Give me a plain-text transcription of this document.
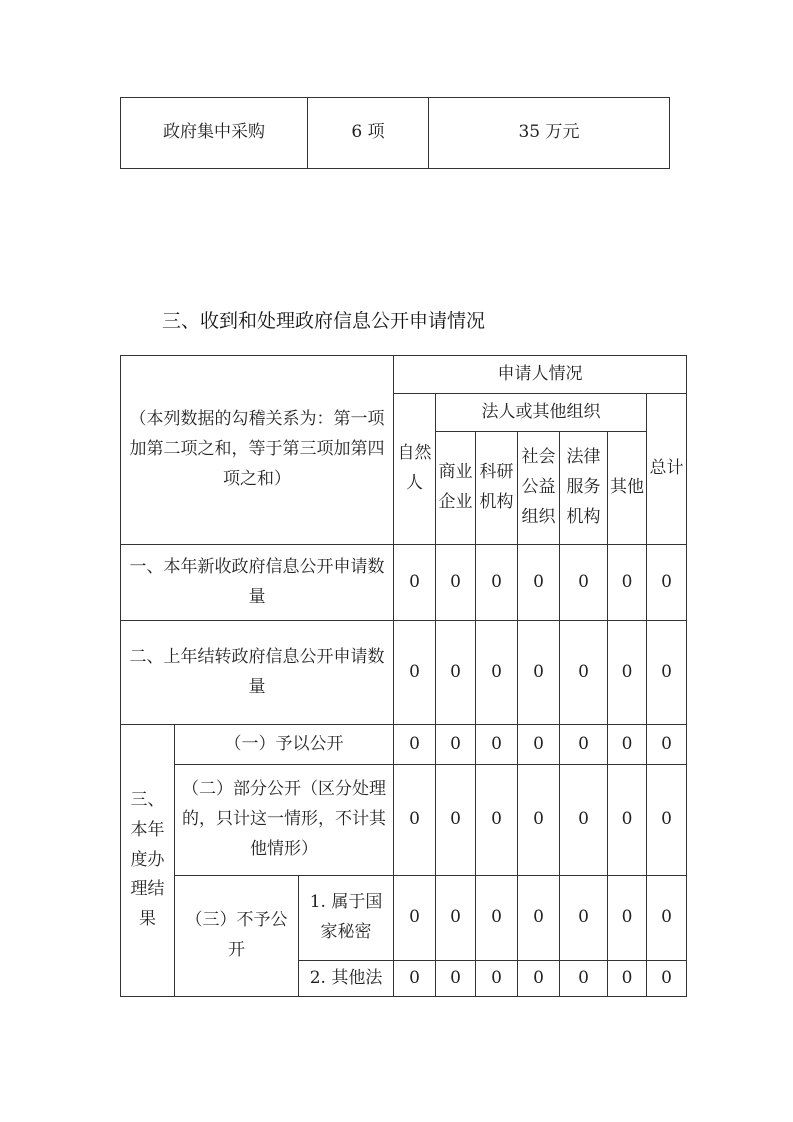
政府集中采购	6 项	35 万元
三、收到和处理政府信息公开申请情况
（本列数据的勾稽关系为：第一项加第二项之和，等于第三项加第四项之和）			申请人情况						
			自然人	法人或其他组织					总计
				商业企业	科研机构	社会公益组织	法律服务机构	其他	
一、本年新收政府信息公开申请数量			0	0	0	0	0	0	0
二、上年结转政府信息公开申请数量			0	0	0	0	0	0	0
三、本年度办理结果	（一）予以公开		0	0	0	0	0	0	0
	（二）部分公开（区分处理的，只计这一情形，不计其他情形）		0	0	0	0	0	0	0
	（三）不予公开	1. 属于国家秘密	0	0	0	0	0	0	0
		2. 其他法	0	0	0	0	0	0	0
